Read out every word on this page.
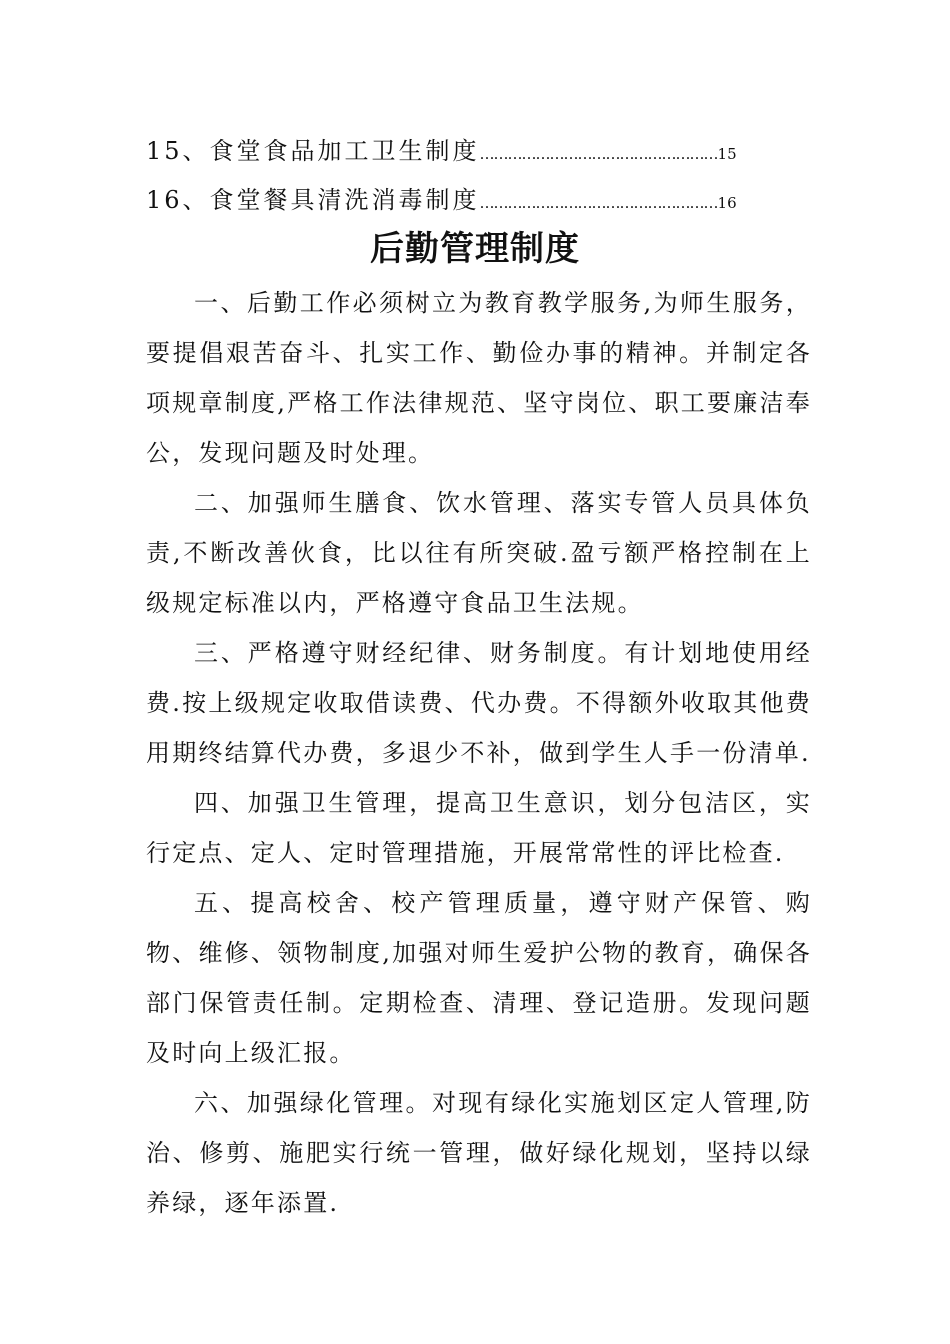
15、食堂食品加工卫生制度……………………………………………15
16、食堂餐具清洗消毒制度……………………………………………16
后勤管理制度

一、后勤工作必须树立为教育教学服务,为师生服务，要提倡艰苦奋斗、扎实工作、勤俭办事的精神。并制定各项规章制度,严格工作法律规范、坚守岗位、职工要廉洁奉公，发现问题及时处理。

二、加强师生膳食、饮水管理、落实专管人员具体负责,不断改善伙食，比以往有所突破.盈亏额严格控制在上级规定标准以内，严格遵守食品卫生法规。

三、严格遵守财经纪律、财务制度。有计划地使用经费.按上级规定收取借读费、代办费。不得额外收取其他费用期终结算代办费，多退少不补，做到学生人手一份清单.

四、加强卫生管理，提高卫生意识，划分包洁区，实行定点、定人、定时管理措施，开展常常性的评比检查.

五、提高校舍、校产管理质量，遵守财产保管、购物、维修、领物制度,加强对师生爱护公物的教育，确保各部门保管责任制。定期检查、清理、登记造册。发现问题及时向上级汇报。

六、加强绿化管理。对现有绿化实施划区定人管理,防治、修剪、施肥实行统一管理，做好绿化规划，坚持以绿养绿，逐年添置.
